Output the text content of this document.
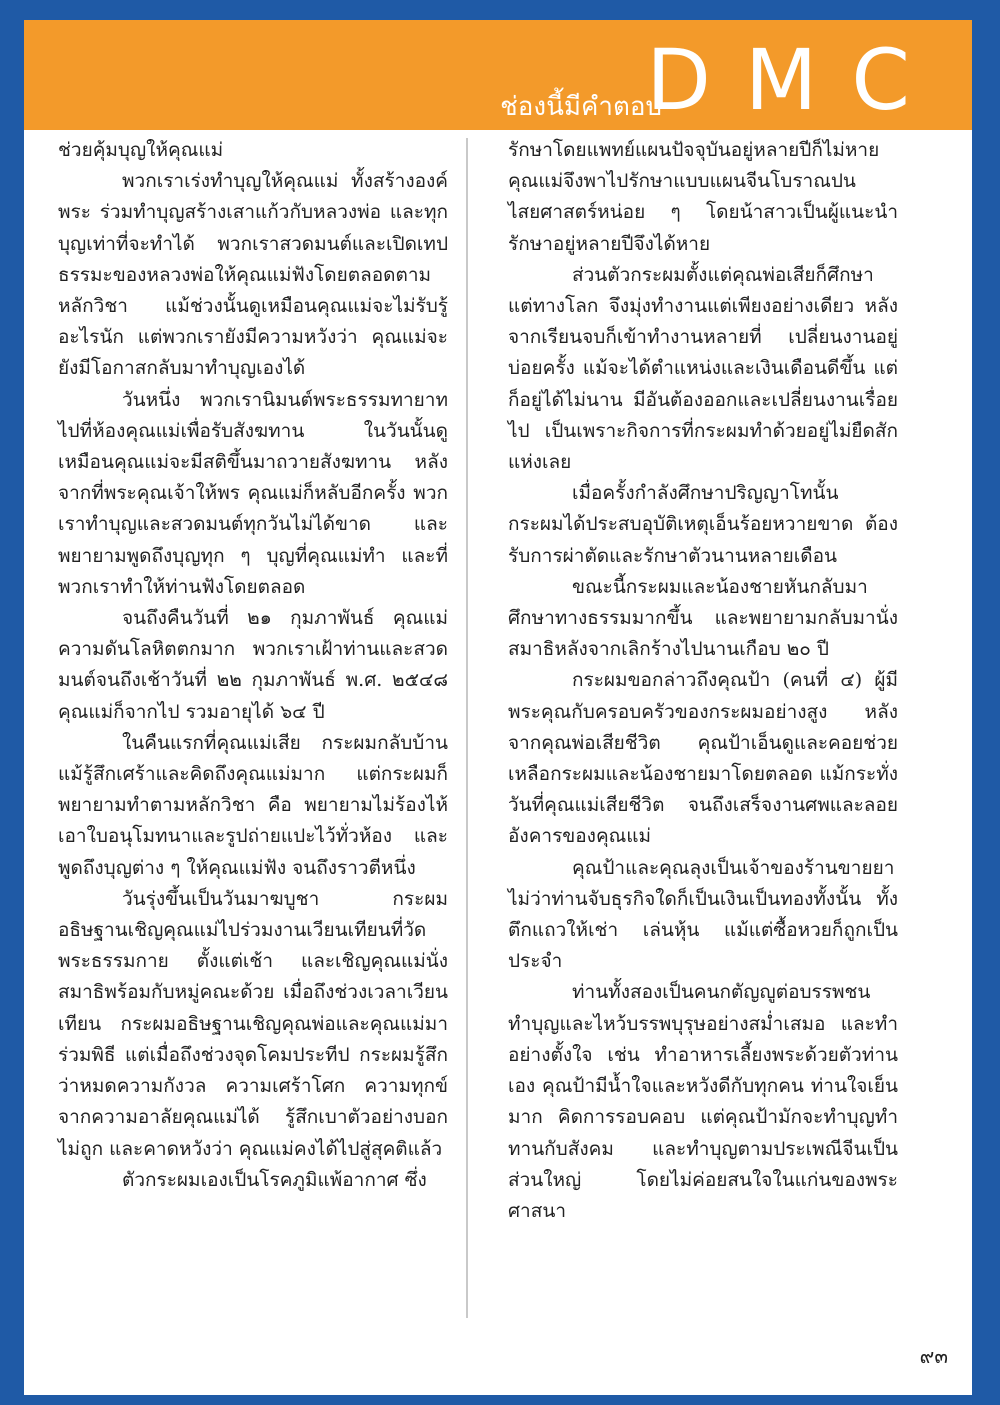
ช่องนี้มีคำตอบ
DMC

ช่วยคุ้มบุญให้คุณแม่

พวกเราเร่งทำบุญให้คุณแม่ ทั้งสร้างองค์พระ ร่วมทำบุญสร้างเสาแก้วกับหลวงพ่อ และทุกบุญเท่าที่จะทำได้ พวกเราสวดมนต์และเปิดเทปธรรมะของหลวงพ่อให้คุณแม่ฟังโดยตลอดตามหลักวิชา แม้ช่วงนั้นดูเหมือนคุณแม่จะไม่รับรู้อะไรนัก แต่พวกเรายังมีความหวังว่า คุณแม่จะยังมีโอกาสกลับมาทำบุญเองได้

วันหนึ่ง พวกเรานิมนต์พระธรรมทายาทไปที่ห้องคุณแม่เพื่อรับสังฆทาน ในวันนั้นดูเหมือนคุณแม่จะมีสติขึ้นมาถวายสังฆทาน หลังจากที่พระคุณเจ้าให้พร คุณแม่ก็หลับอีกครั้ง พวกเราทำบุญและสวดมนต์ทุกวันไม่ได้ขาด และพยายามพูดถึงบุญทุก ๆ บุญที่คุณแม่ทำ และที่พวกเราทำให้ท่านฟังโดยตลอด

จนถึงคืนวันที่ ๒๑ กุมภาพันธ์ คุณแม่ความดันโลหิตตกมาก พวกเราเฝ้าท่านและสวดมนต์จนถึงเช้าวันที่ ๒๒ กุมภาพันธ์ พ.ศ. ๒๕๔๘ คุณแม่ก็จากไป รวมอายุได้ ๖๔ ปี

ในคืนแรกที่คุณแม่เสีย กระผมกลับบ้านแม้รู้สึกเศร้าและคิดถึงคุณแม่มาก แต่กระผมก็พยายามทำตามหลักวิชา คือ พยายามไม่ร้องไห้ เอาใบอนุโมทนาและรูปถ่ายแปะไว้ทั่วห้อง และพูดถึงบุญต่าง ๆ ให้คุณแม่ฟัง จนถึงราวตีหนึ่ง

วันรุ่งขึ้นเป็นวันมาฆบูชา กระผมอธิษฐานเชิญคุณแม่ไปร่วมงานเวียนเทียนที่วัดพระธรรมกาย ตั้งแต่เช้า และเชิญคุณแม่นั่งสมาธิพร้อมกับหมู่คณะด้วย เมื่อถึงช่วงเวลาเวียนเทียน กระผมอธิษฐานเชิญคุณพ่อและคุณแม่มาร่วมพิธี แต่เมื่อถึงช่วงจุดโคมประทีป กระผมรู้สึกว่าหมดความกังวล ความเศร้าโศก ความทุกข์จากความอาลัยคุณแม่ได้ รู้สึกเบาตัวอย่างบอกไม่ถูก และคาดหวังว่า คุณแม่คงได้ไปสู่สุคติแล้ว

ตัวกระผมเองเป็นโรคภูมิแพ้อากาศ ซึ่ง

รักษาโดยแพทย์แผนปัจจุบันอยู่หลายปีก็ไม่หาย คุณแม่จึงพาไปรักษาแบบแผนจีนโบราณปนไสยศาสตร์หน่อย ๆ โดยน้าสาวเป็นผู้แนะนำ รักษาอยู่หลายปีจึงได้หาย

ส่วนตัวกระผมตั้งแต่คุณพ่อเสียก็ศึกษาแต่ทางโลก จึงมุ่งทำงานแต่เพียงอย่างเดียว หลังจากเรียนจบก็เข้าทำงานหลายที่ เปลี่ยนงานอยู่บ่อยครั้ง แม้จะได้ตำแหน่งและเงินเดือนดีขึ้น แต่ก็อยู่ได้ไม่นาน มีอันต้องออกและเปลี่ยนงานเรื่อยไป เป็นเพราะกิจการที่กระผมทำด้วยอยู่ไม่ยืดสักแห่งเลย

เมื่อครั้งกำลังศึกษาปริญญาโทนั้น กระผมได้ประสบอุบัติเหตุเอ็นร้อยหวายขาด ต้องรับการผ่าตัดและรักษาตัวนานหลายเดือน

ขณะนี้กระผมและน้องชายหันกลับมาศึกษาทางธรรมมากขึ้น และพยายามกลับมานั่งสมาธิหลังจากเลิกร้างไปนานเกือบ ๒๐ ปี

กระผมขอกล่าวถึงคุณป้า (คนที่ ๔) ผู้มีพระคุณกับครอบครัวของกระผมอย่างสูง หลังจากคุณพ่อเสียชีวิต คุณป้าเอ็นดูและคอยช่วยเหลือกระผมและน้องชายมาโดยตลอด แม้กระทั่งวันที่คุณแม่เสียชีวิต จนถึงเสร็จงานศพและลอยอังคารของคุณแม่

คุณป้าและคุณลุงเป็นเจ้าของร้านขายยา ไม่ว่าท่านจับธุรกิจใดก็เป็นเงินเป็นทองทั้งนั้น ทั้งตึกแถวให้เช่า เล่นหุ้น แม้แต่ซื้อหวยก็ถูกเป็นประจำ

ท่านทั้งสองเป็นคนกตัญญูต่อบรรพชน ทำบุญและไหว้บรรพบุรุษอย่างสม่ำเสมอ และทำอย่างตั้งใจ เช่น ทำอาหารเลี้ยงพระด้วยตัวท่านเอง คุณป้ามีน้ำใจและหวังดีกับทุกคน ท่านใจเย็นมาก คิดการรอบคอบ แต่คุณป้ามักจะทำบุญทำทานกับสังคม และทำบุญตามประเพณีจีนเป็นส่วนใหญ่ โดยไม่ค่อยสนใจในแก่นของพระศาสนา

๙๓
